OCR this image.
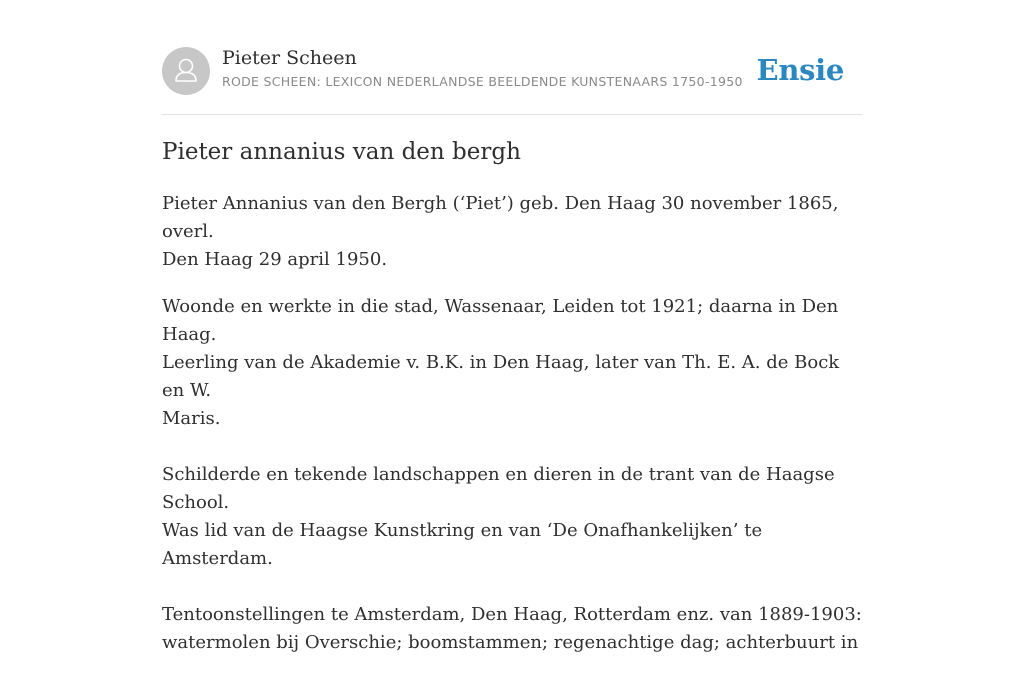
Pieter Scheen
RODE SCHEEN: LEXICON NEDERLANDSE BEELDENDE KUNSTENAARS 1750-1950 Ensie
Pieter annanius van den bergh

Pieter Annanius van den Bergh (‘Piet’) geb. Den Haag 30 november 1865, overl.
Den Haag 29 april 1950.

Woonde en werkte in die stad, Wassenaar, Leiden tot 1921; daarna in Den Haag.
Leerling van de Akademie v. B.K. in Den Haag, later van Th. E. A. de Bock en W.
Maris.

Schilderde en tekende landschappen en dieren in de trant van de Haagse School.
Was lid van de Haagse Kunstkring en van ‘De Onafhankelijken’ te Amsterdam.

Tentoonstellingen te Amsterdam, Den Haag, Rotterdam enz. van 1889-1903:
watermolen bij Overschie; boomstammen; regenachtige dag; achterbuurt in
